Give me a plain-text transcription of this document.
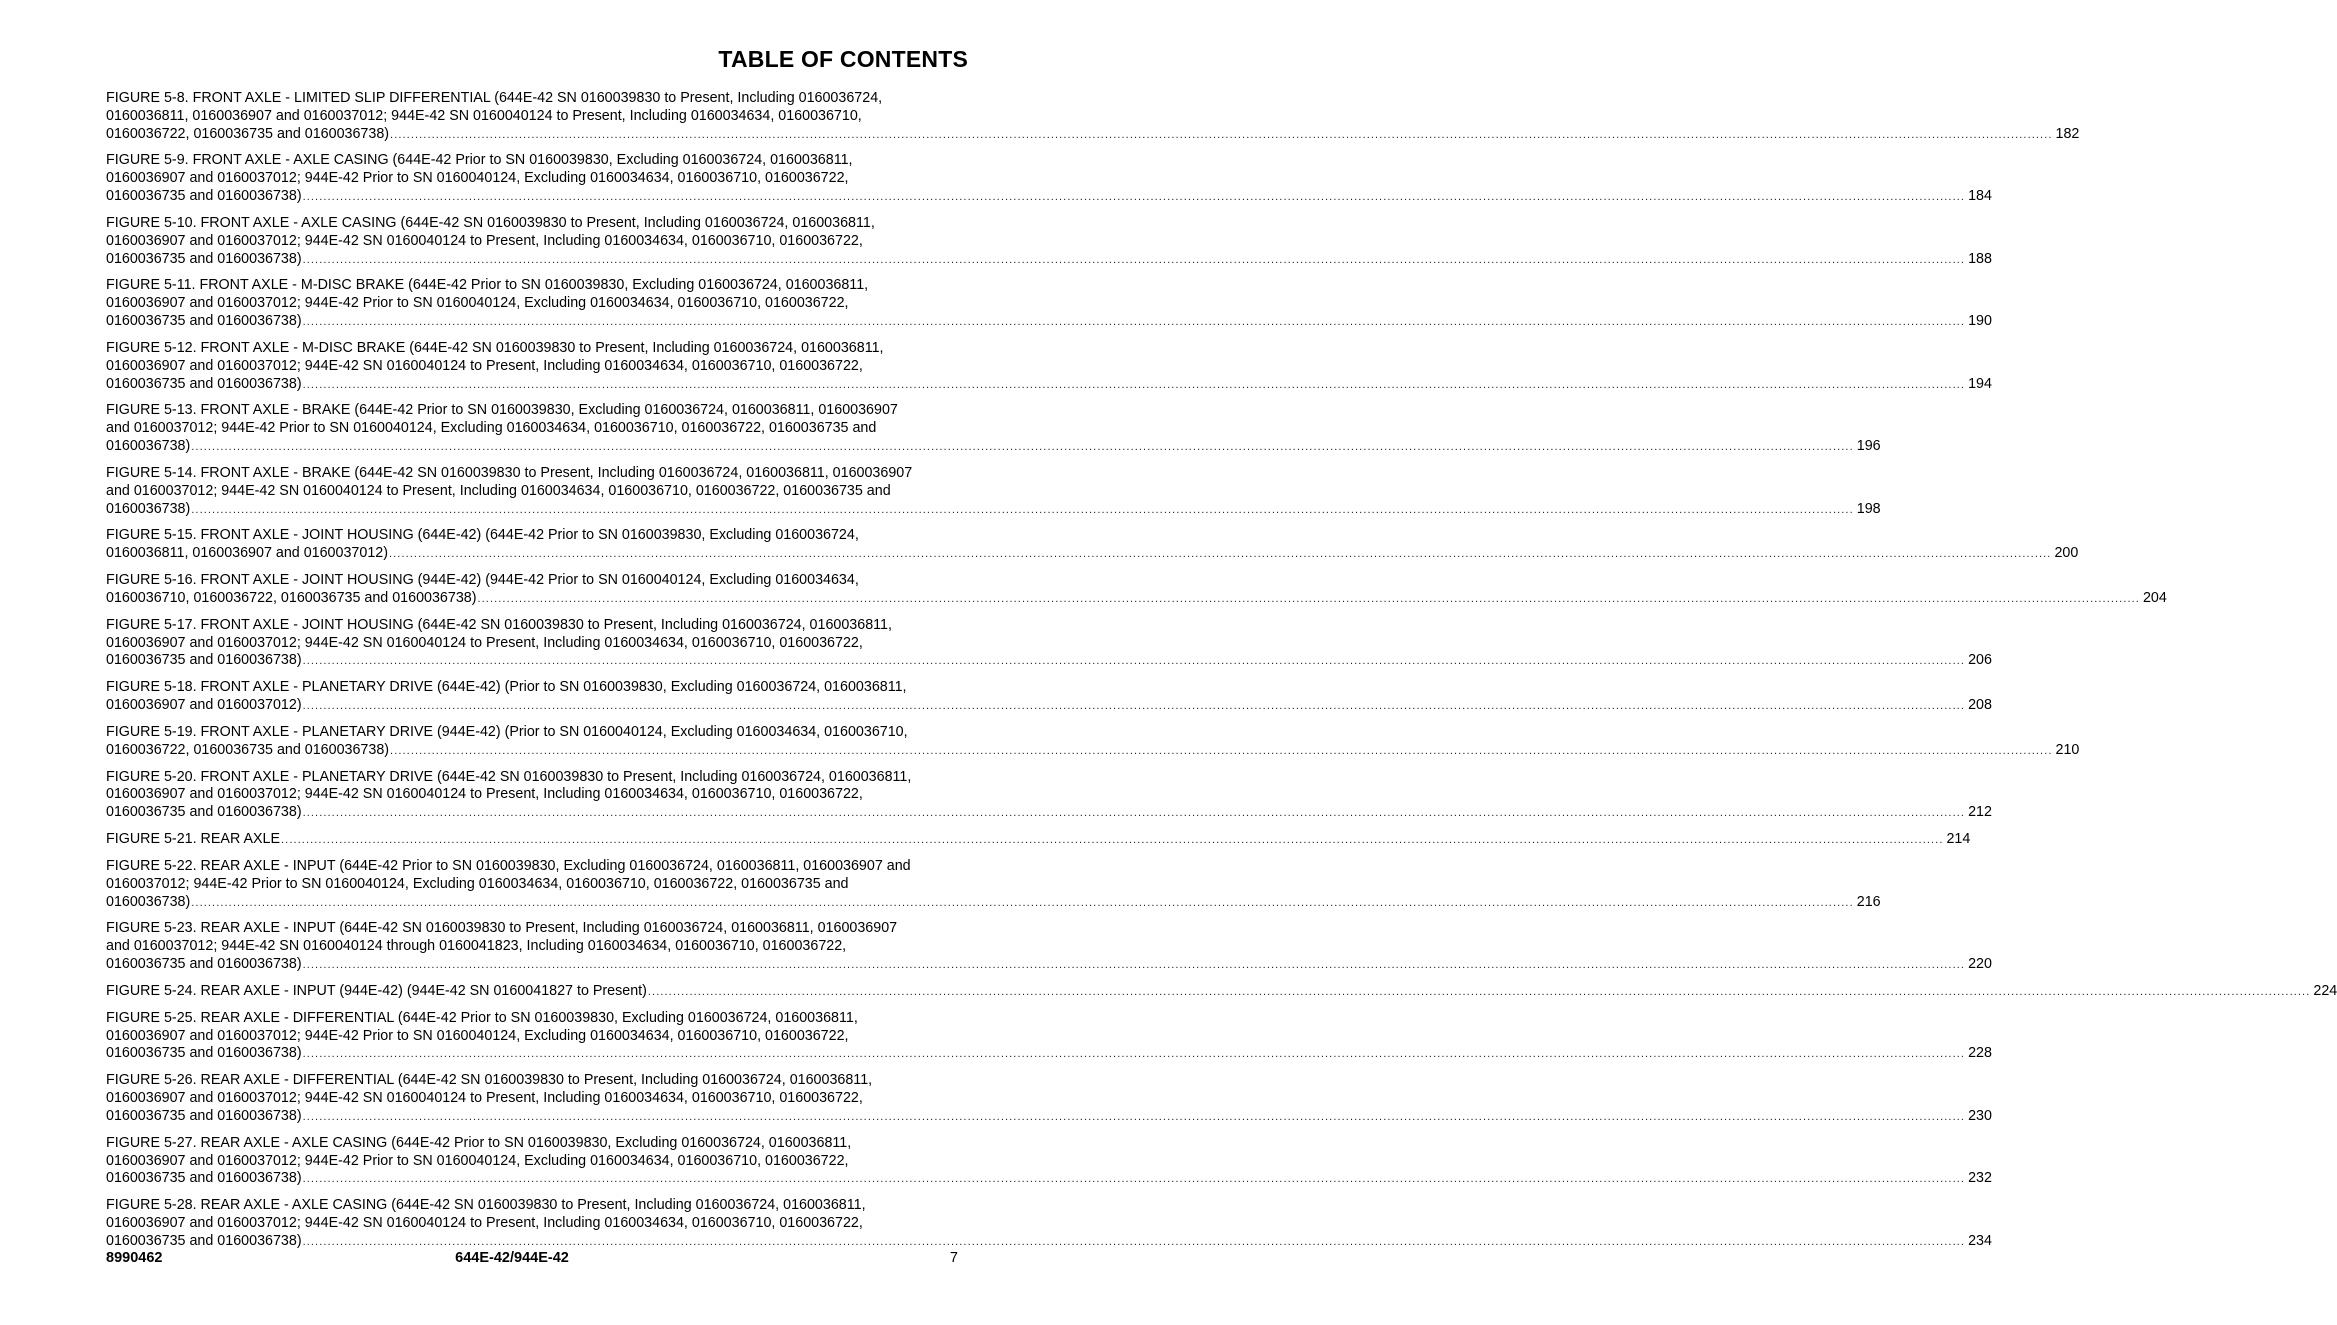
TABLE OF CONTENTS
FIGURE 5-8. FRONT AXLE - LIMITED SLIP DIFFERENTIAL (644E-42 SN 0160039830 to Present, Including 0160036724,
0160036811, 0160036907 and 0160037012; 944E-42 SN 0160040124 to Present, Including 0160034634, 0160036710,
0160036722, 0160036735 and 0160036738) ................................................................................................................................................................................................................................................................................................................................................................................................................ 182
FIGURE 5-9. FRONT AXLE - AXLE CASING (644E-42 Prior to SN 0160039830, Excluding 0160036724, 0160036811,
0160036907 and 0160037012; 944E-42 Prior to SN 0160040124, Excluding 0160034634, 0160036710, 0160036722,
0160036735 and 0160036738) ................................................................................................................................................................................................................................................................................................................................................................................................................ 184
FIGURE 5-10. FRONT AXLE - AXLE CASING (644E-42 SN 0160039830 to Present, Including 0160036724, 0160036811,
0160036907 and 0160037012; 944E-42 SN 0160040124 to Present, Including 0160034634, 0160036710, 0160036722,
0160036735 and 0160036738) ................................................................................................................................................................................................................................................................................................................................................................................................................ 188
FIGURE 5-11. FRONT AXLE - M-DISC BRAKE (644E-42 Prior to SN 0160039830, Excluding 0160036724, 0160036811,
0160036907 and 0160037012; 944E-42 Prior to SN 0160040124, Excluding 0160034634, 0160036710, 0160036722,
0160036735 and 0160036738) ................................................................................................................................................................................................................................................................................................................................................................................................................ 190
FIGURE 5-12. FRONT AXLE - M-DISC BRAKE (644E-42 SN 0160039830 to Present, Including 0160036724, 0160036811,
0160036907 and 0160037012; 944E-42 SN 0160040124 to Present, Including 0160034634, 0160036710, 0160036722,
0160036735 and 0160036738) ................................................................................................................................................................................................................................................................................................................................................................................................................ 194
FIGURE 5-13. FRONT AXLE - BRAKE (644E-42 Prior to SN 0160039830, Excluding 0160036724, 0160036811, 0160036907
and 0160037012; 944E-42 Prior to SN 0160040124, Excluding 0160034634, 0160036710, 0160036722, 0160036735 and
0160036738) ................................................................................................................................................................................................................................................................................................................................................................................................................ 196
FIGURE 5-14. FRONT AXLE - BRAKE (644E-42 SN 0160039830 to Present, Including 0160036724, 0160036811, 0160036907
and 0160037012; 944E-42 SN 0160040124 to Present, Including 0160034634, 0160036710, 0160036722, 0160036735 and
0160036738) ................................................................................................................................................................................................................................................................................................................................................................................................................ 198
FIGURE 5-15. FRONT AXLE - JOINT HOUSING (644E-42) (644E-42 Prior to SN 0160039830, Excluding 0160036724,
0160036811, 0160036907 and 0160037012) ................................................................................................................................................................................................................................................................................................................................................................................................................ 200
FIGURE 5-16. FRONT AXLE - JOINT HOUSING (944E-42) (944E-42 Prior to SN 0160040124, Excluding 0160034634,
0160036710, 0160036722, 0160036735 and 0160036738) ................................................................................................................................................................................................................................................................................................................................................................................................................ 204
FIGURE 5-17. FRONT AXLE - JOINT HOUSING (644E-42 SN 0160039830 to Present, Including 0160036724, 0160036811,
0160036907 and 0160037012; 944E-42 SN 0160040124 to Present, Including 0160034634, 0160036710, 0160036722,
0160036735 and 0160036738) ................................................................................................................................................................................................................................................................................................................................................................................................................ 206
FIGURE 5-18. FRONT AXLE - PLANETARY DRIVE (644E-42) (Prior to SN 0160039830, Excluding 0160036724, 0160036811,
0160036907 and 0160037012) ................................................................................................................................................................................................................................................................................................................................................................................................................ 208
FIGURE 5-19. FRONT AXLE - PLANETARY DRIVE (944E-42) (Prior to SN 0160040124, Excluding 0160034634, 0160036710,
0160036722, 0160036735 and 0160036738) ................................................................................................................................................................................................................................................................................................................................................................................................................ 210
FIGURE 5-20. FRONT AXLE - PLANETARY DRIVE (644E-42 SN 0160039830 to Present, Including 0160036724, 0160036811,
0160036907 and 0160037012; 944E-42 SN 0160040124 to Present, Including 0160034634, 0160036710, 0160036722,
0160036735 and 0160036738) ................................................................................................................................................................................................................................................................................................................................................................................................................ 212
FIGURE 5-21. REAR AXLE ................................................................................................................................................................................................................................................................................................................................................................................................................ 214
FIGURE 5-22. REAR AXLE - INPUT (644E-42 Prior to SN 0160039830, Excluding 0160036724, 0160036811, 0160036907 and
0160037012; 944E-42 Prior to SN 0160040124, Excluding 0160034634, 0160036710, 0160036722, 0160036735 and
0160036738) ................................................................................................................................................................................................................................................................................................................................................................................................................ 216
FIGURE 5-23. REAR AXLE - INPUT (644E-42 SN 0160039830 to Present, Including 0160036724, 0160036811, 0160036907
and 0160037012; 944E-42 SN 0160040124 through 0160041823, Including 0160034634, 0160036710, 0160036722,
0160036735 and 0160036738) ................................................................................................................................................................................................................................................................................................................................................................................................................ 220
FIGURE 5-24. REAR AXLE - INPUT (944E-42) (944E-42 SN 0160041827 to Present) ................................................................................................................................................................................................................................................................................................................................................................................................................ 224
FIGURE 5-25. REAR AXLE - DIFFERENTIAL (644E-42 Prior to SN 0160039830, Excluding 0160036724, 0160036811,
0160036907 and 0160037012; 944E-42 Prior to SN 0160040124, Excluding 0160034634, 0160036710, 0160036722,
0160036735 and 0160036738) ................................................................................................................................................................................................................................................................................................................................................................................................................ 228
FIGURE 5-26. REAR AXLE - DIFFERENTIAL (644E-42 SN 0160039830 to Present, Including 0160036724, 0160036811,
0160036907 and 0160037012; 944E-42 SN 0160040124 to Present, Including 0160034634, 0160036710, 0160036722,
0160036735 and 0160036738) ................................................................................................................................................................................................................................................................................................................................................................................................................ 230
FIGURE 5-27. REAR AXLE - AXLE CASING (644E-42 Prior to SN 0160039830, Excluding 0160036724, 0160036811,
0160036907 and 0160037012; 944E-42 Prior to SN 0160040124, Excluding 0160034634, 0160036710, 0160036722,
0160036735 and 0160036738) ................................................................................................................................................................................................................................................................................................................................................................................................................ 232
FIGURE 5-28. REAR AXLE - AXLE CASING (644E-42 SN 0160039830 to Present, Including 0160036724, 0160036811,
0160036907 and 0160037012; 944E-42 SN 0160040124 to Present, Including 0160034634, 0160036710, 0160036722,
0160036735 and 0160036738) ................................................................................................................................................................................................................................................................................................................................................................................................................ 234
8990462	644E-42/944E-42	7
